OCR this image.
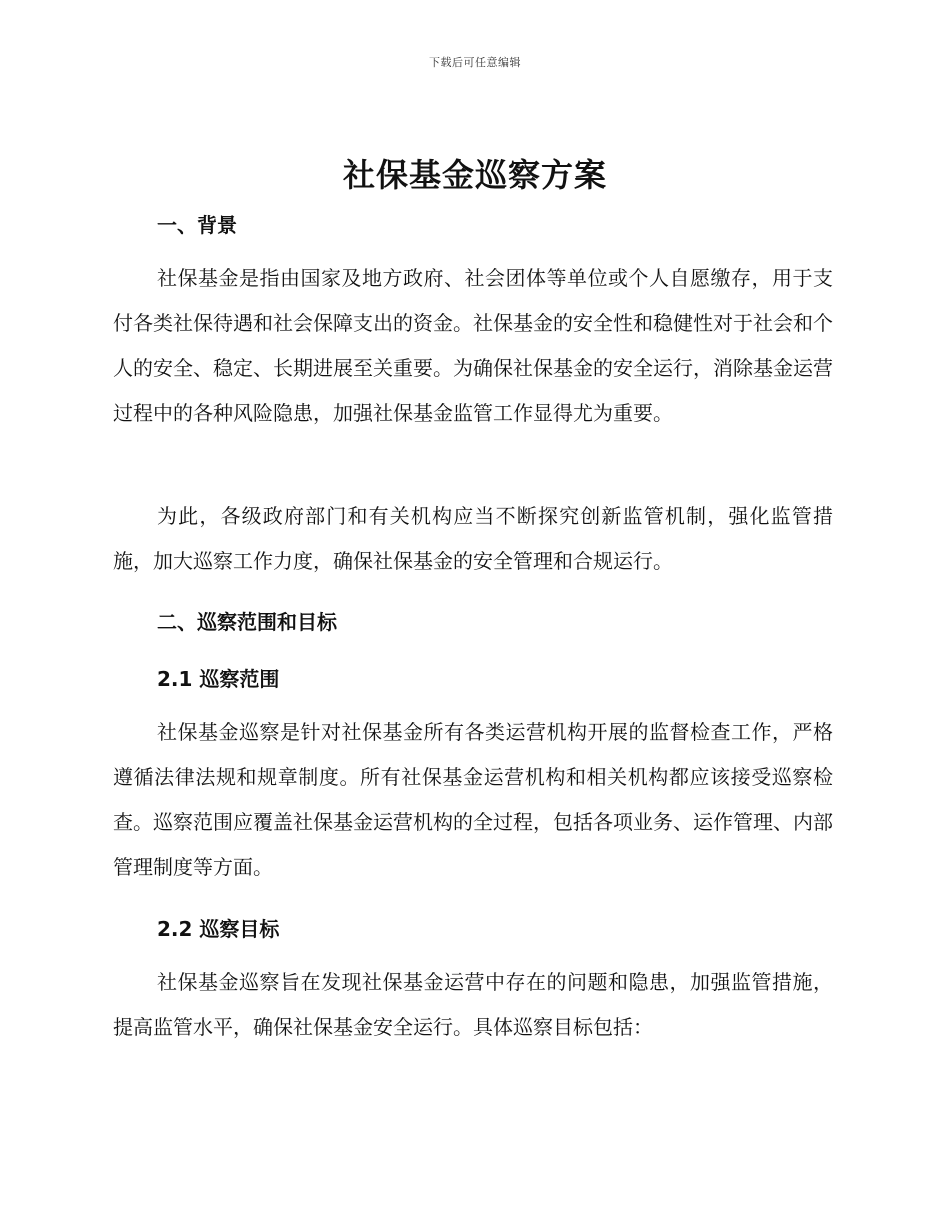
下载后可任意编辑
社保基金巡察方案
一、背景

社保基金是指由国家及地方政府、社会团体等单位或个人自愿缴存，用于支付各类社保待遇和社会保障支出的资金。社保基金的安全性和稳健性对于社会和个人的安全、稳定、长期进展至关重要。为确保社保基金的安全运行，消除基金运营过程中的各种风险隐患，加强社保基金监管工作显得尤为重要。

为此，各级政府部门和有关机构应当不断探究创新监管机制，强化监管措施，加大巡察工作力度，确保社保基金的安全管理和合规运行。

二、巡察范围和目标
2.1 巡察范围

社保基金巡察是针对社保基金所有各类运营机构开展的监督检查工作，严格遵循法律法规和规章制度。所有社保基金运营机构和相关机构都应该接受巡察检查。巡察范围应覆盖社保基金运营机构的全过程，包括各项业务、运作管理、内部管理制度等方面。

2.2 巡察目标

社保基金巡察旨在发现社保基金运营中存在的问题和隐患，加强监管措施，提高监管水平，确保社保基金安全运行。具体巡察目标包括：
